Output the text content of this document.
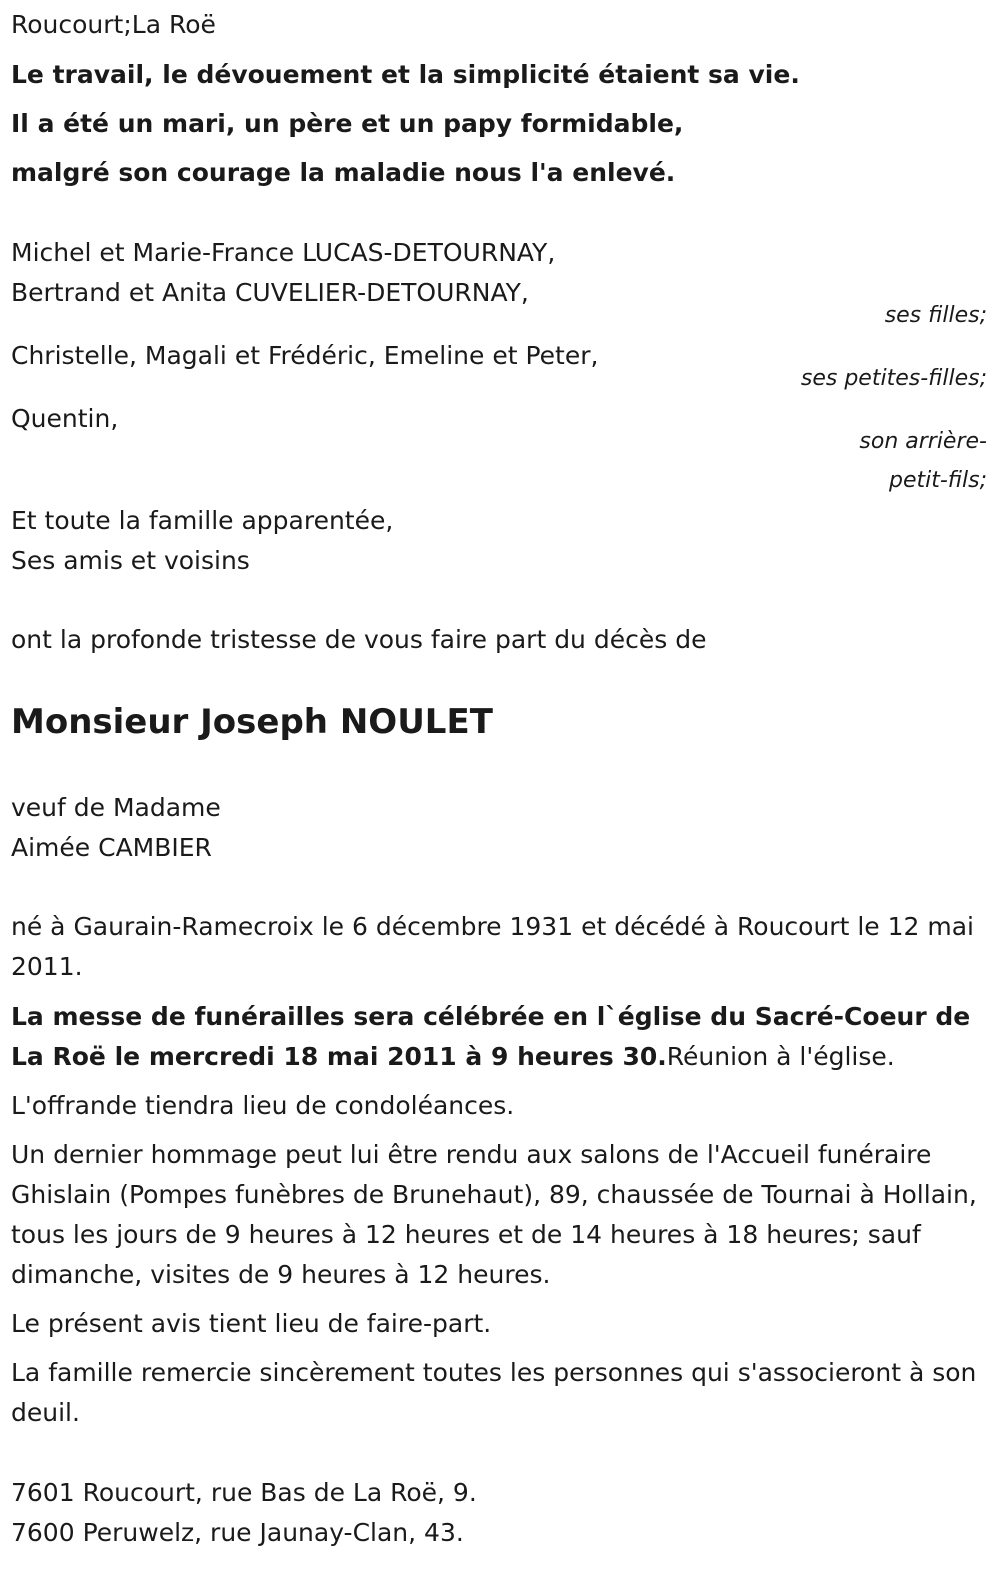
Roucourt;La Roë
Le travail, le dévouement et la simplicité étaient sa vie.
Il a été un mari, un père et un papy formidable,
malgré son courage la maladie nous l'a enlevé.
Michel et Marie-France LUCAS-DETOURNAY,
Bertrand et Anita CUVELIER-DETOURNAY,
ses filles;
Christelle, Magali et Frédéric, Emeline et Peter,
ses petites-filles;
Quentin,
son arrière-
petit-fils;
Et toute la famille apparentée,
Ses amis et voisins
ont la profonde tristesse de vous faire part du décès de
Monsieur Joseph NOULET
veuf de Madame
Aimée CAMBIER
né à Gaurain-Ramecroix le 6 décembre 1931 et décédé à Roucourt le 12 mai 2011.
La messe de funérailles sera célébrée en l`église du Sacré-Coeur de La Roë le mercredi 18 mai 2011 à 9 heures 30.Réunion à l'église.
L'offrande tiendra lieu de condoléances.
Un dernier hommage peut lui être rendu aux salons de l'Accueil funéraire Ghislain (Pompes funèbres de Brunehaut), 89, chaussée de Tournai à Hollain, tous les jours de 9 heures à 12 heures et de 14 heures à 18 heures; sauf dimanche, visites de 9 heures à 12 heures.
Le présent avis tient lieu de faire-part.
La famille remercie sincèrement toutes les personnes qui s'associeront à son deuil.
7601 Roucourt, rue Bas de La Roë, 9.
7600 Peruwelz, rue Jaunay-Clan, 43.
